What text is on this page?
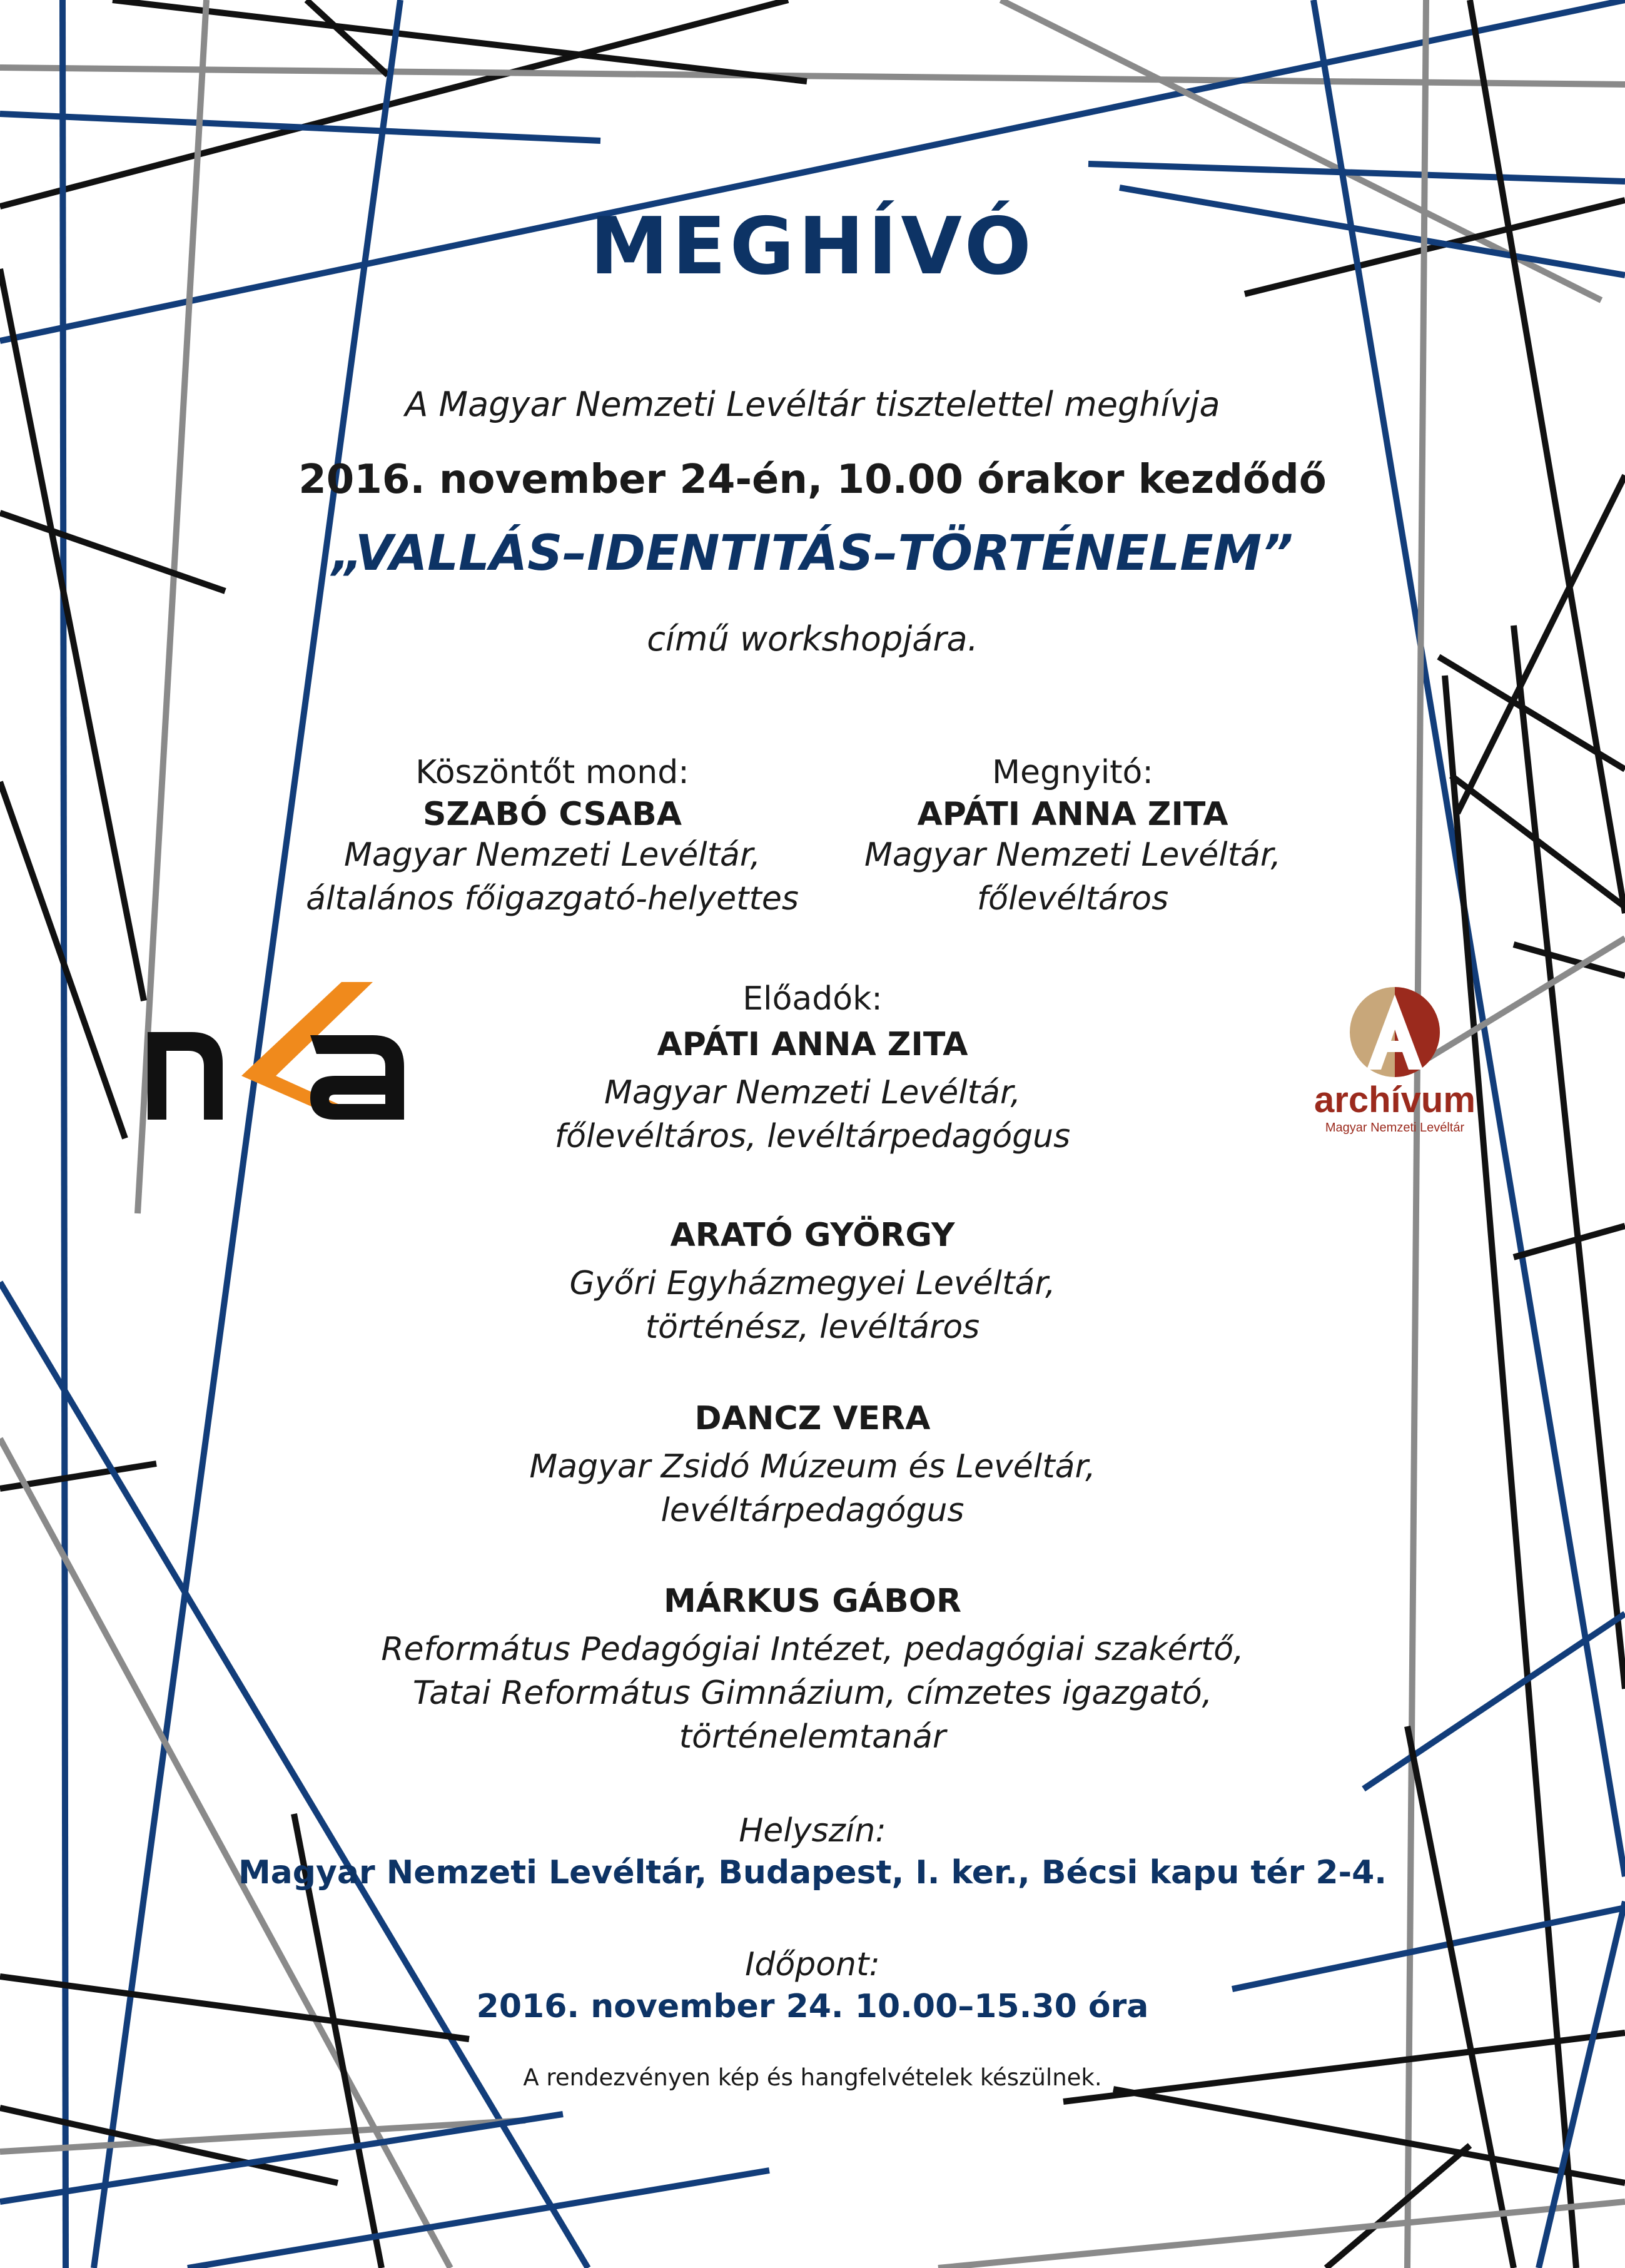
MEGHÍVÓ
A Magyar Nemzeti Levéltár tisztelettel meghívja
2016. november 24-én, 10.00 órakor kezdődő
„VALLÁS–IDENTITÁS–TÖRTÉNELEM”
című workshopjára.
Köszöntőt mond:
SZABÓ CSABA
Magyar Nemzeti Levéltár,
általános főigazgató-helyettes
Megnyitó:
APÁTI ANNA ZITA
Magyar Nemzeti Levéltár,
főlevéltáros
Előadók:
APÁTI ANNA ZITA
Magyar Nemzeti Levéltár,
főlevéltáros, levéltárpedagógus
ARATÓ GYÖRGY
Győri Egyházmegyei Levéltár,
történész, levéltáros
DANCZ VERA
Magyar Zsidó Múzeum és Levéltár,
levéltárpedagógus
MÁRKUS GÁBOR
Református Pedagógiai Intézet, pedagógiai szakértő,
Tatai Református Gimnázium, címzetes igazgató,
történelemtanár
Helyszín:
Magyar Nemzeti Levéltár, Budapest, I. ker., Bécsi kapu tér 2-4.
Időpont:
2016. november 24. 10.00–15.30 óra
A rendezvényen kép és hangfelvételek készülnek.
archívum
Magyar Nemzeti Levéltár
